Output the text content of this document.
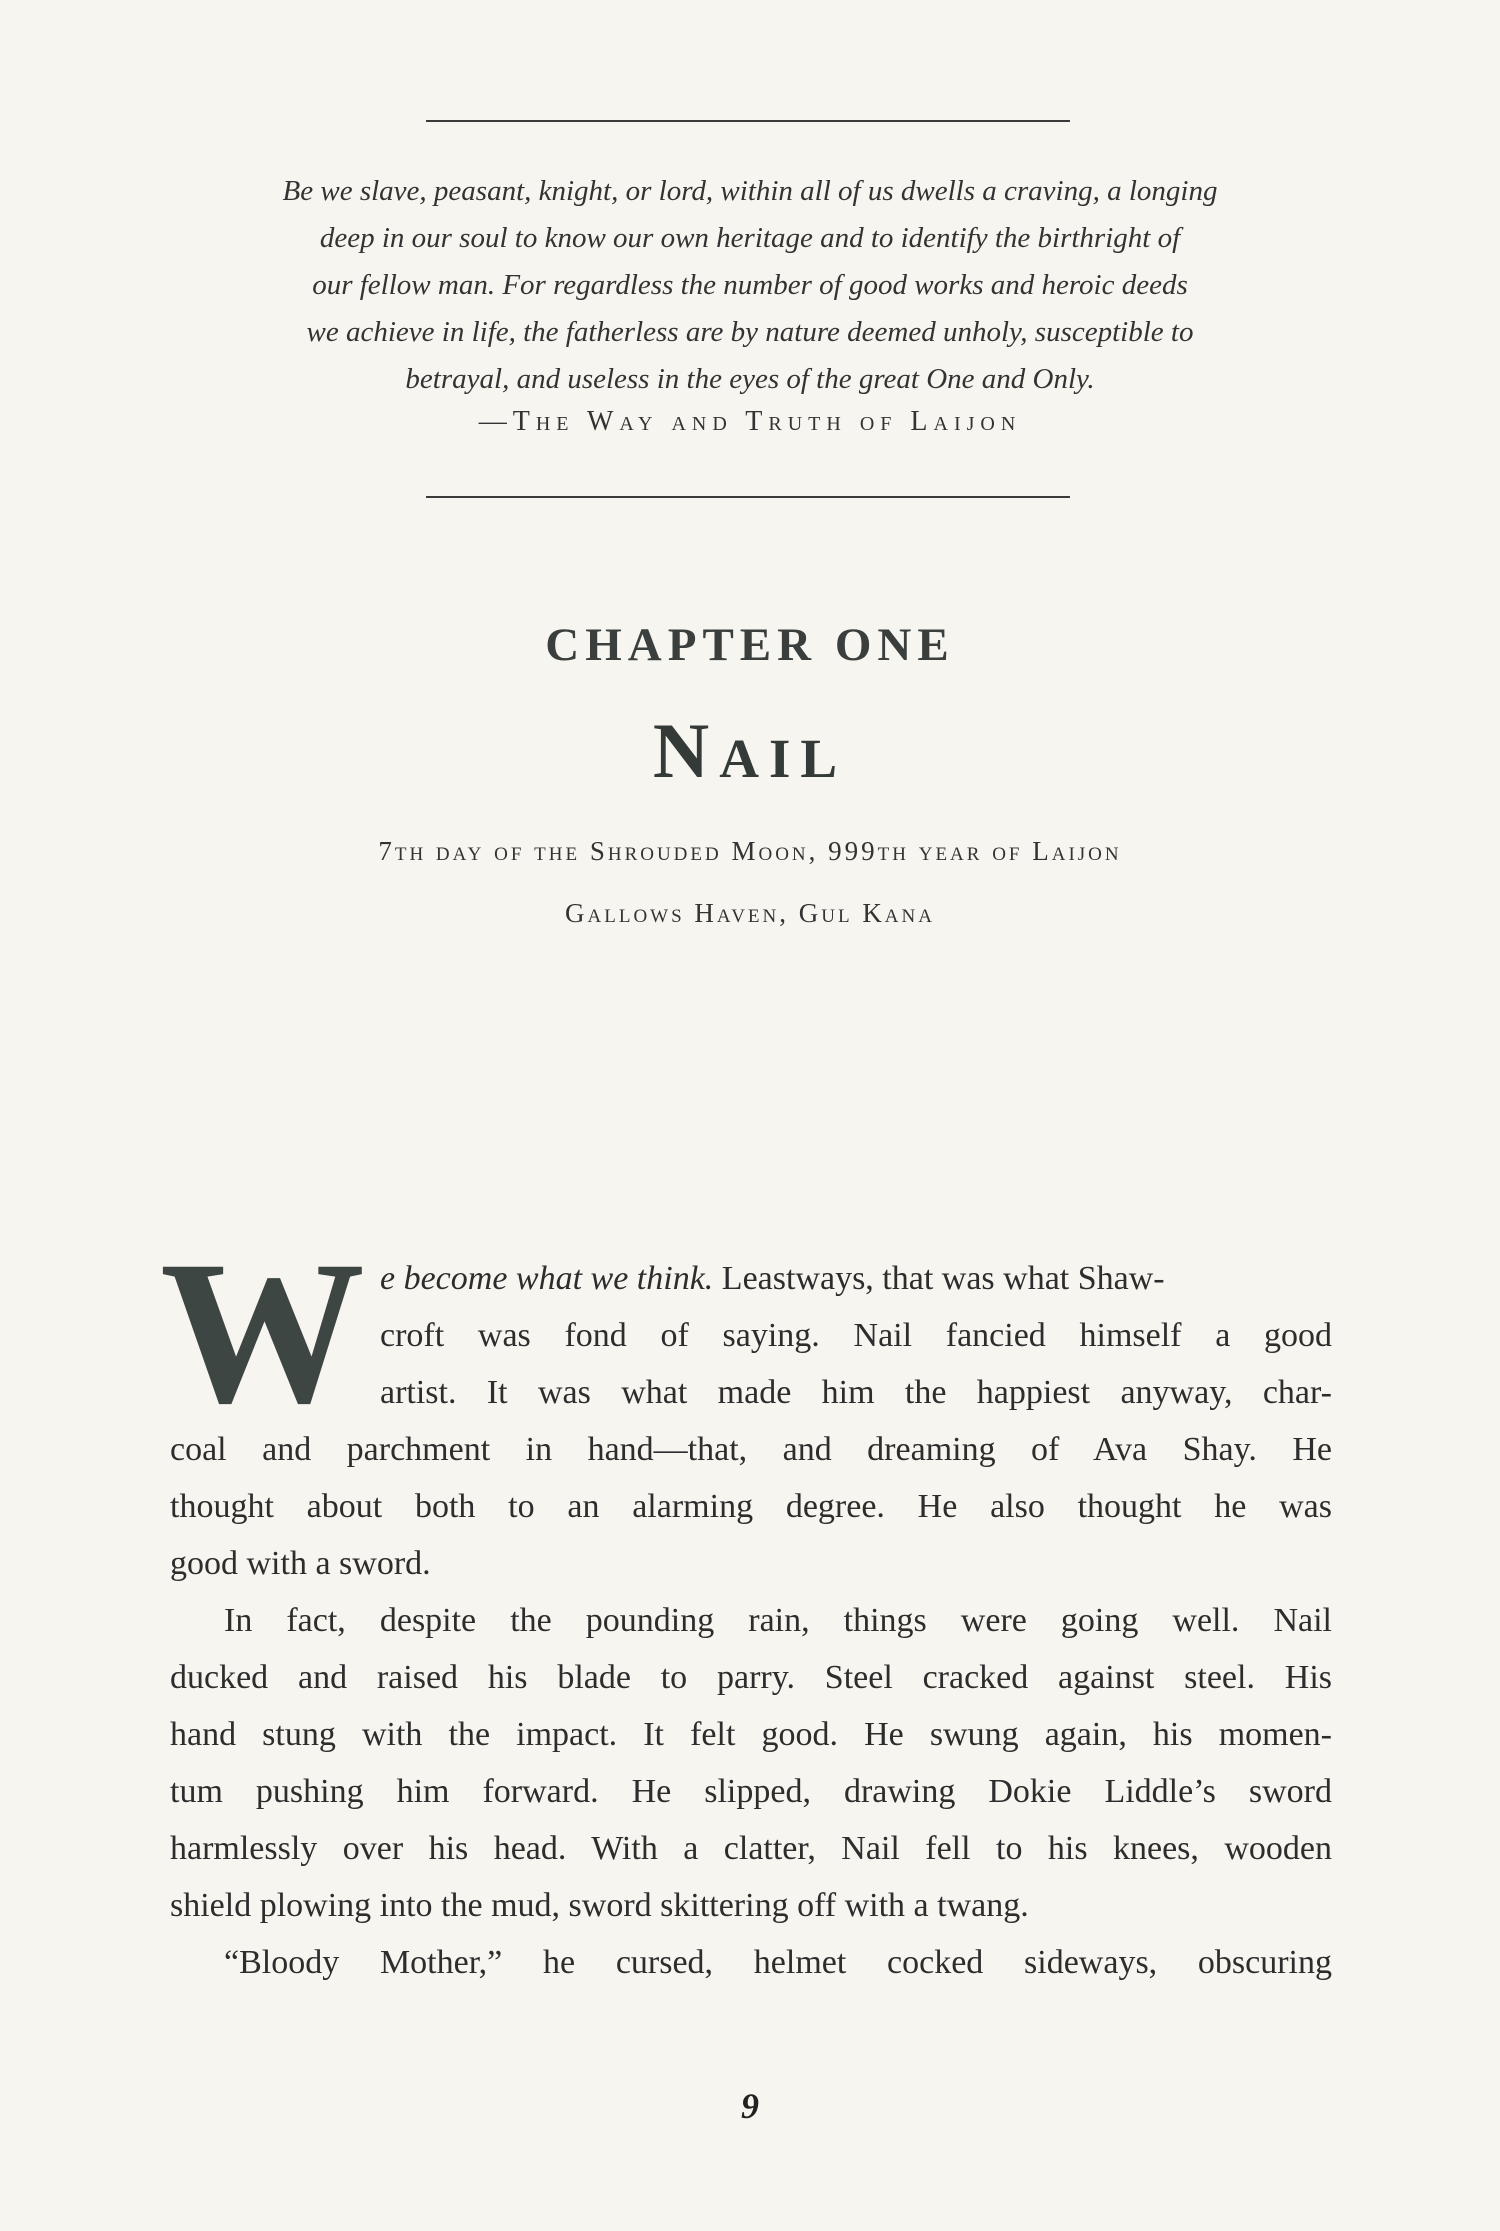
Be we slave, peasant, knight, or lord, within all of us dwells a craving, a longing
deep in our soul to know our own heritage and to identify the birthright of
our fellow man. For regardless the number of good works and heroic deeds
we achieve in life, the fatherless are by nature deemed unholy, susceptible to
betrayal, and useless in the eyes of the great One and Only.
—The Way and Truth of Laijon
CHAPTER ONE
Nail
7th day of the Shrouded Moon, 999th year of Laijon
Gallows Haven, Gul Kana
W e become what we think. Leastways, that was what Shaw-
croft was fond of saying. Nail fancied himself a good
artist. It was what made him the happiest anyway, char-
coal and parchment in hand—that, and dreaming of Ava Shay. He
thought about both to an alarming degree. He also thought he was
good with a sword.
In fact, despite the pounding rain, things were going well. Nail
ducked and raised his blade to parry. Steel cracked against steel. His
hand stung with the impact. It felt good. He swung again, his momen-
tum pushing him forward. He slipped, drawing Dokie Liddle’s sword
harmlessly over his head. With a clatter, Nail fell to his knees, wooden
shield plowing into the mud, sword skittering off with a twang.
“Bloody Mother,” he cursed, helmet cocked sideways, obscuring
9
